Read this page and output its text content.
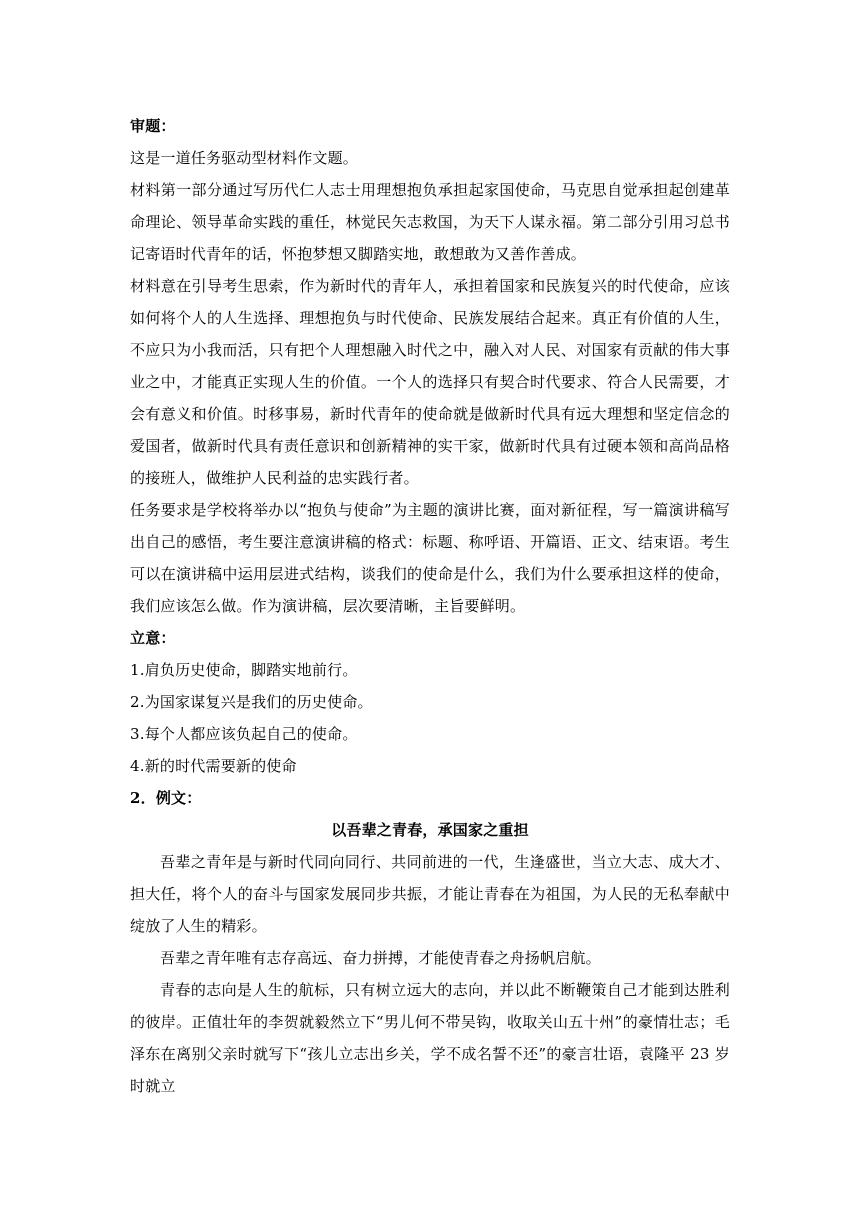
审题：

这是一道任务驱动型材料作文题。

材料第一部分通过写历代仁人志士用理想抱负承担起家国使命，马克思自觉承担起创建革命理论、领导革命实践的重任，林觉民矢志救国，为天下人谋永福。第二部分引用习总书记寄语时代青年的话，怀抱梦想又脚踏实地，敢想敢为又善作善成。

材料意在引导考生思索，作为新时代的青年人，承担着国家和民族复兴的时代使命，应该如何将个人的人生选择、理想抱负与时代使命、民族发展结合起来。真正有价值的人生，不应只为小我而活，只有把个人理想融入时代之中，融入对人民、对国家有贡献的伟大事业之中，才能真正实现人生的价值。一个人的选择只有契合时代要求、符合人民需要，才会有意义和价值。时移事易，新时代青年的使命就是做新时代具有远大理想和坚定信念的爱国者，做新时代具有责任意识和创新精神的实干家，做新时代具有过硬本领和高尚品格的接班人，做维护人民利益的忠实践行者。

任务要求是学校将举办以“抱负与使命”为主题的演讲比赛，面对新征程，写一篇演讲稿写出自己的感悟，考生要注意演讲稿的格式：标题、称呼语、开篇语、正文、结束语。考生可以在演讲稿中运用层进式结构，谈我们的使命是什么，我们为什么要承担这样的使命，我们应该怎么做。作为演讲稿，层次要清晰，主旨要鲜明。

立意：

1.肩负历史使命，脚踏实地前行。

2.为国家谋复兴是我们的历史使命。

3.每个人都应该负起自己的使命。

4.新的时代需要新的使命

2．例文：

以吾辈之青春，承国家之重担

吾辈之青年是与新时代同向同行、共同前进的一代，生逢盛世，当立大志、成大才、担大任，将个人的奋斗与国家发展同步共振，才能让青春在为祖国，为人民的无私奉献中绽放了人生的精彩。

吾辈之青年唯有志存高远、奋力拼搏，才能使青春之舟扬帆启航。

青春的志向是人生的航标，只有树立远大的志向，并以此不断鞭策自己才能到达胜利的彼岸。正值壮年的李贺就毅然立下“男儿何不带吴钩，收取关山五十州”的豪情壮志；毛泽东在离别父亲时就写下“孩儿立志出乡关，学不成名誓不还”的豪言壮语，袁隆平 23 岁时就立
